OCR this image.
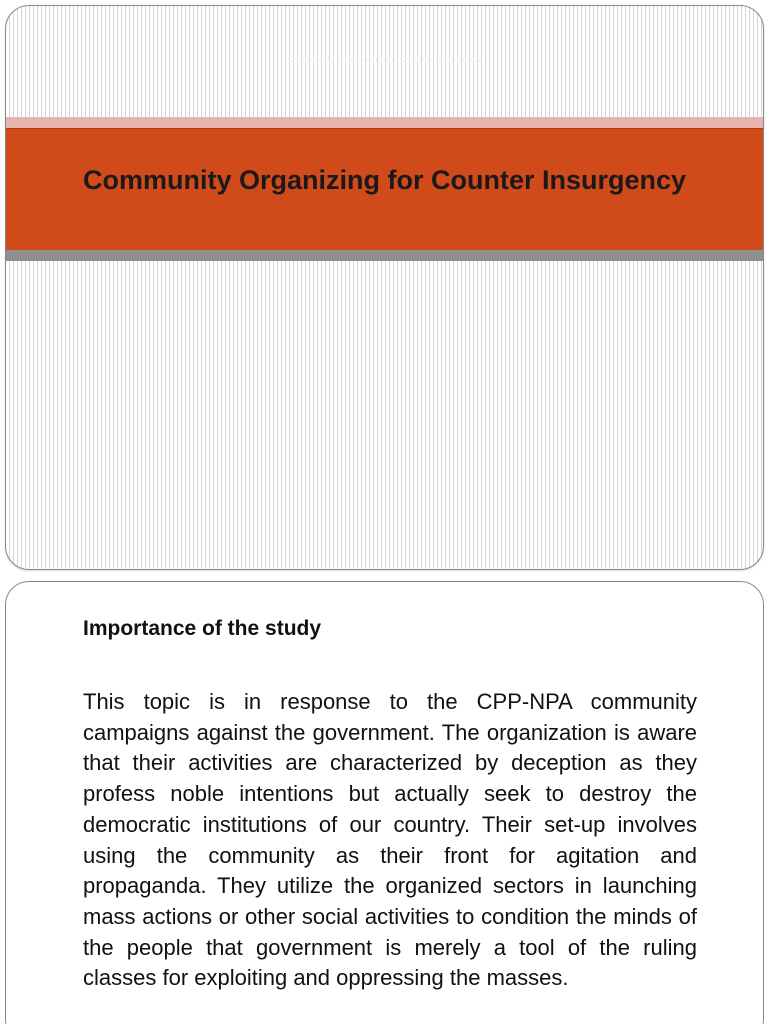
Community Organizing for Counter Insurgency
Community Organizing for Counter Insurgency
Importance of the study

This topic is in response to the CPP-NPA community campaigns against the government. The organization is aware that their activities are characterized by deception as they profess noble intentions but actually seek to destroy the democratic institutions of our country. Their set-up involves using the community as their front for agitation and propaganda. They utilize the organized sectors in launching mass actions or other social activities to condition the minds of the people that government is merely a tool of the ruling classes for exploiting and oppressing the masses.
